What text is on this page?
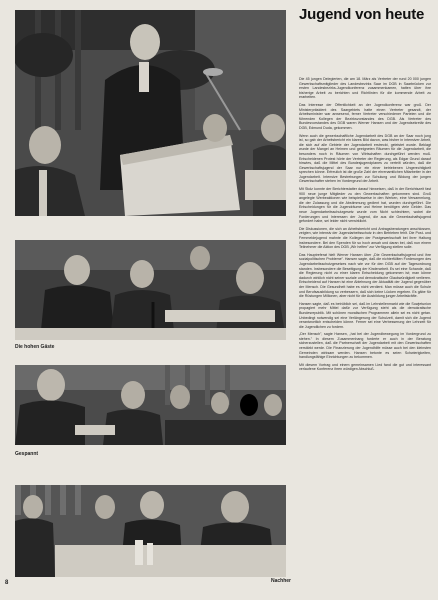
Die hohen Gäste
Gespannt
Nachher
Jugend von heute

Die 45 jungen Delegierten, die am 18. März als Vertreter der rund 20 000 jungen Gewerkschaftsmitglieder des Landesbezirks Saar im DGB in Saarbrücken zur ersten Landesbezirks-Jugendkonferenz zusammenkamen, hatten über ihre bisherige Arbeit zu berichten und Richtlinien für die kommende Arbeit zu erarbeiten.

Das Interesse der Öffentlichkeit an der Jugendkonferenz war groß. Der Ministerpräsident des Saargebiets hatte einen Vertreter gesandt, der Arbeitsminister war anwesend, ferner Vertreter verschiedener Parteien und die führenden Kollegen der Bezirksvorstandes des DGB. Als Vertreter des Bundesvorstandes des DGB waren Werner Hansen und der Jugendsekretär des DGB, Edmund Duda, gekommen.

Wenn auch die gewerkschaftliche Jugendarbeit des DGB an der Saar noch jung ist, so gab der Arbeitsbericht ein klares Bild davon, was bisher in intensiver Arbeit, die sich auf alle Gebiete der Jugendarbeit erstreckt, geleistet wurde. Beklagt wurde der Mangel an Heimen und geeigneten Räumen für die Jugendarbeit, die besonders noch in Räumen von Wirtschaften durchgeführt werden muß. Entscheidenen Protest hörte der Vertreter der Regierung, als Edgar Grund darauf hinwies, daß die Mittel des Bundesjugendplanes zu verteilt würden, daß die Gewerkschaftsjugend der Saar nur ein einer betriebenen Ungerechtigkeit sprechen könne. Erfreulich ist die große Zahl der ehrenamtlichen Mitarbeiter in der Jugendarbeit. Intensive Bestrebungen zur Schulung und Bildung der jungen Gewerkschafter stehen im Vordergrund der Arbeit.

Mit Stolz konnte der Berichterstatter darauf hinweisen, daß in der Berichtszeit fast 900 neue junge Mitglieder zu den Gewerkschaften gekommen sind. Groß angelegte Werbeaktionen wie beispielsweise in den Werken, eine Versammlung, die der Zulassung und die Abstimmung gedient hat, wurden durchgeführt. Die Entscheidungen für die Jugendräume und Heime benötigen viele Gelder. Das neue Jugendarbeitsschutzgesetz wurde vom Nicht schlechtem, wobei die Forderungen und Interessen der Jugend, die aus die Gewerkschaftsjugend gefordert habe, sei leider nicht verwirklicht.

Die Diskussionen, die sich an Arbeitsbericht und Antragsberatungen anschlossen, zeigten, wie intensiv der Jugendarbeitsschutz in den Betrieben fehlt. Die Post- und Fernmeldejugend mahnte die Kollegen der Postgewerkschaft bei ihrer Haltung insbesondere. Bei den Spenden für so hoch ansah und daran bei, daß nun einem Teilnehmer die Aktion des DGB „Wir helfen” zur Verfügung stellen solle.

Das Hauptreferat hielt Werner Hansen über „Die Gewerkschaftsjugend und ihre sozialpolitischen Probleme”. Hansen sagte, daß die nichterfüllten Forderungen des Jugendarbeitsschutzgesetzes nach wie vor für den DGB auf der Tagesordnung standen. Insbesondere die Beseitigung der Kinderarbeit. Es sei eine Schande, daß die Regierung nicht zu einer klaren Entscheidung gekommen ist; man könne dadurch wirklich nicht seiner soziale und demokratische Glaubwürdigkeit verlieren. Entscheidend auf Hansen ist eine Ablehnung der Aktualität der Jugend gegenüber der Mensch. Die Gesundheit habe es nicht verdient. Man müsse auch die Schule und Berufsausbildung so verbessern, daß sich keine Lücken ergeben. Es gäbe für die Rüstungen Millionen, aber nicht für die Ausbildung junger Arbeitskräfte.

Hansen sagte, daß es betrüblich sei, daß im Lehrstellenmarkt wie die Sowjetunion propagiert mehr Mittel dafür zur Verfügung steht als die demokratische Bundesrepublik. Mit schönen moralischen Programmen allein sei es nicht getan. Unbedingt notwendig sei eine Verlängerung der Schulzeit, damit sich die Jugend verantwortlich entscheiden könne. Ferner sei eine Verbesserung der Lehrzeit für die Jugendlichen zu fordern.

„Der Mensch”, sagte Hansen, „hat bei der Jugendbewegung im Vordergrund zu stehen.” In diesem Zusammenhang forderte er auch in der Beratung sicherzustellen, daß die Partnerschaft der Jugendarbeit mit den Gewerkschaften verstärkt werde. Die Finanzierung der Jugendhilfe müsse auch bei den kleinsten Gemeinden wirksam werden. Hansen betonte es seien Schwierigkeiten, handlungsfähige Einrichtungen zu bekommen.

Mit diesem Vortrag und einem gemeinsamen Lied fand die gut und interessant verlaufene Konferenz ihren würdigen Abschluß.

8
